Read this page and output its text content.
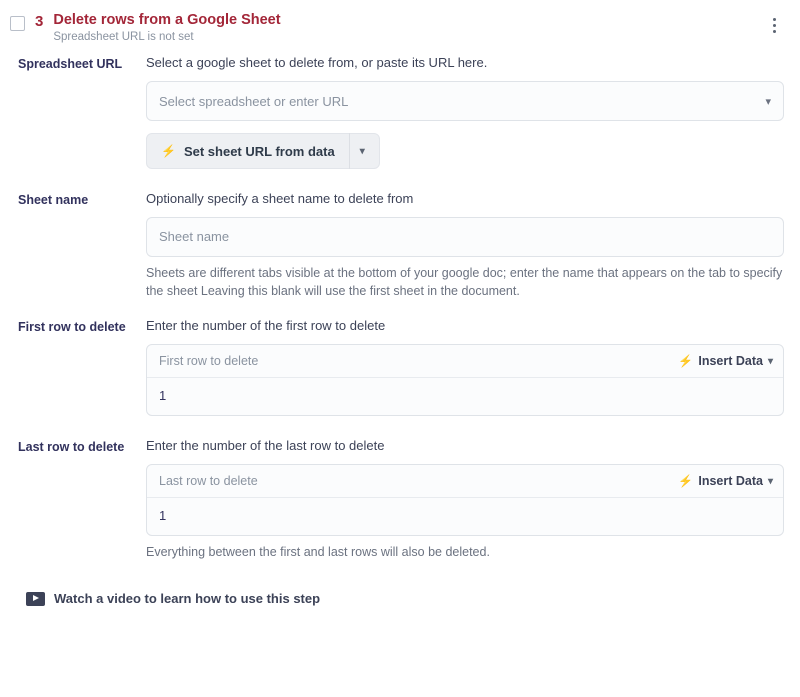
3 Delete rows from a Google Sheet
Spreadsheet URL is not set
Spreadsheet URL	Select a google sheet to delete from, or paste its URL here.
Select spreadsheet or enter URL	▾
⚡ Set sheet URL from data	▾
Sheet name	Optionally specify a sheet name to delete from
Sheet name
Sheets are different tabs visible at the bottom of your google doc; enter the name that appears on the tab to specify the sheet Leaving this blank will use the first sheet in the document.
First row to delete	Enter the number of the first row to delete
First row to delete	⚡ Insert Data ▾
1
Last row to delete	Enter the number of the last row to delete
Last row to delete	⚡ Insert Data ▾
1
Everything between the first and last rows will also be deleted.
Watch a video to learn how to use this step
